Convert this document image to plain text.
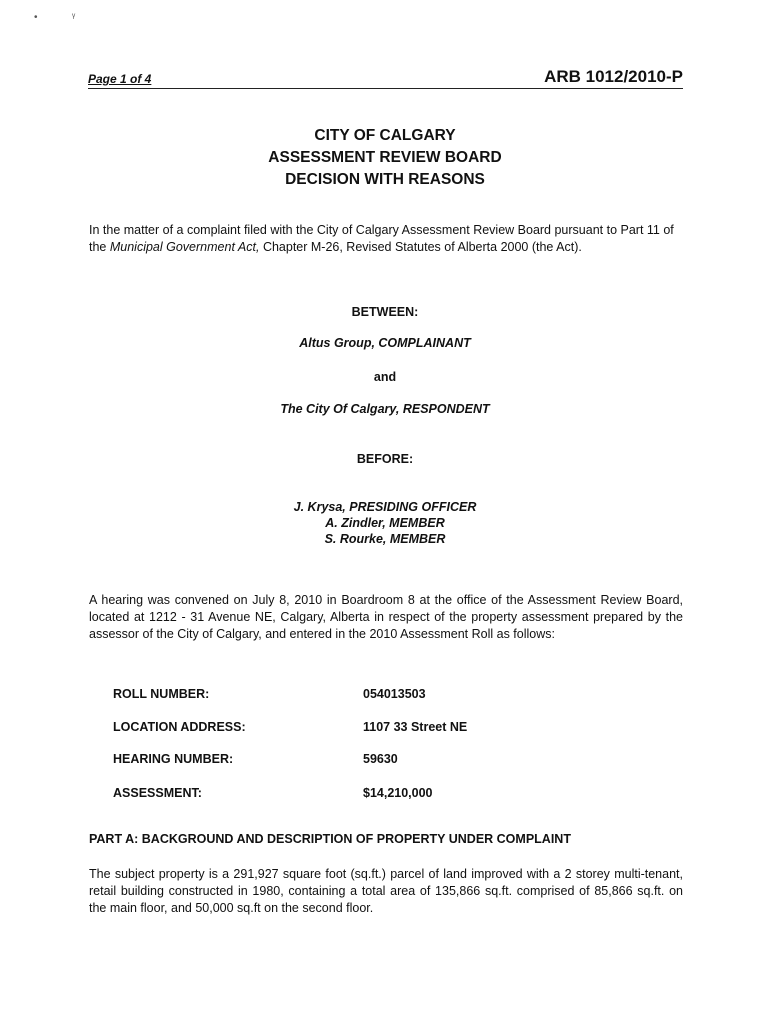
•	ᵞ
Page 1 of 4	ARB 1012/2010-P
CITY OF CALGARY
ASSESSMENT REVIEW BOARD
DECISION WITH REASONS
In the matter of a complaint filed with the City of Calgary Assessment Review Board pursuant to Part 11 of the Municipal Government Act, Chapter M-26, Revised Statutes of Alberta 2000 (the Act).
BETWEEN:
Altus Group, COMPLAINANT
and
The City Of Calgary, RESPONDENT
BEFORE:
J. Krysa, PRESIDING OFFICER
A. Zindler, MEMBER
S. Rourke, MEMBER
A hearing was convened on July 8, 2010 in Boardroom 8 at the office of the Assessment Review Board, located at 1212 - 31 Avenue NE, Calgary, Alberta in respect of the property assessment prepared by the assessor of the City of Calgary, and entered in the 2010 Assessment Roll as follows:
ROLL NUMBER:	054013503
LOCATION ADDRESS:	1107 33 Street NE
HEARING NUMBER:	59630
ASSESSMENT:	$14,210,000
PART A: BACKGROUND AND DESCRIPTION OF PROPERTY UNDER COMPLAINT
The subject property is a 291,927 square foot (sq.ft.) parcel of land improved with a 2 storey multi-tenant, retail building constructed in 1980, containing a total area of 135,866 sq.ft. comprised of 85,866 sq.ft. on the main floor, and 50,000 sq.ft on the second floor.
